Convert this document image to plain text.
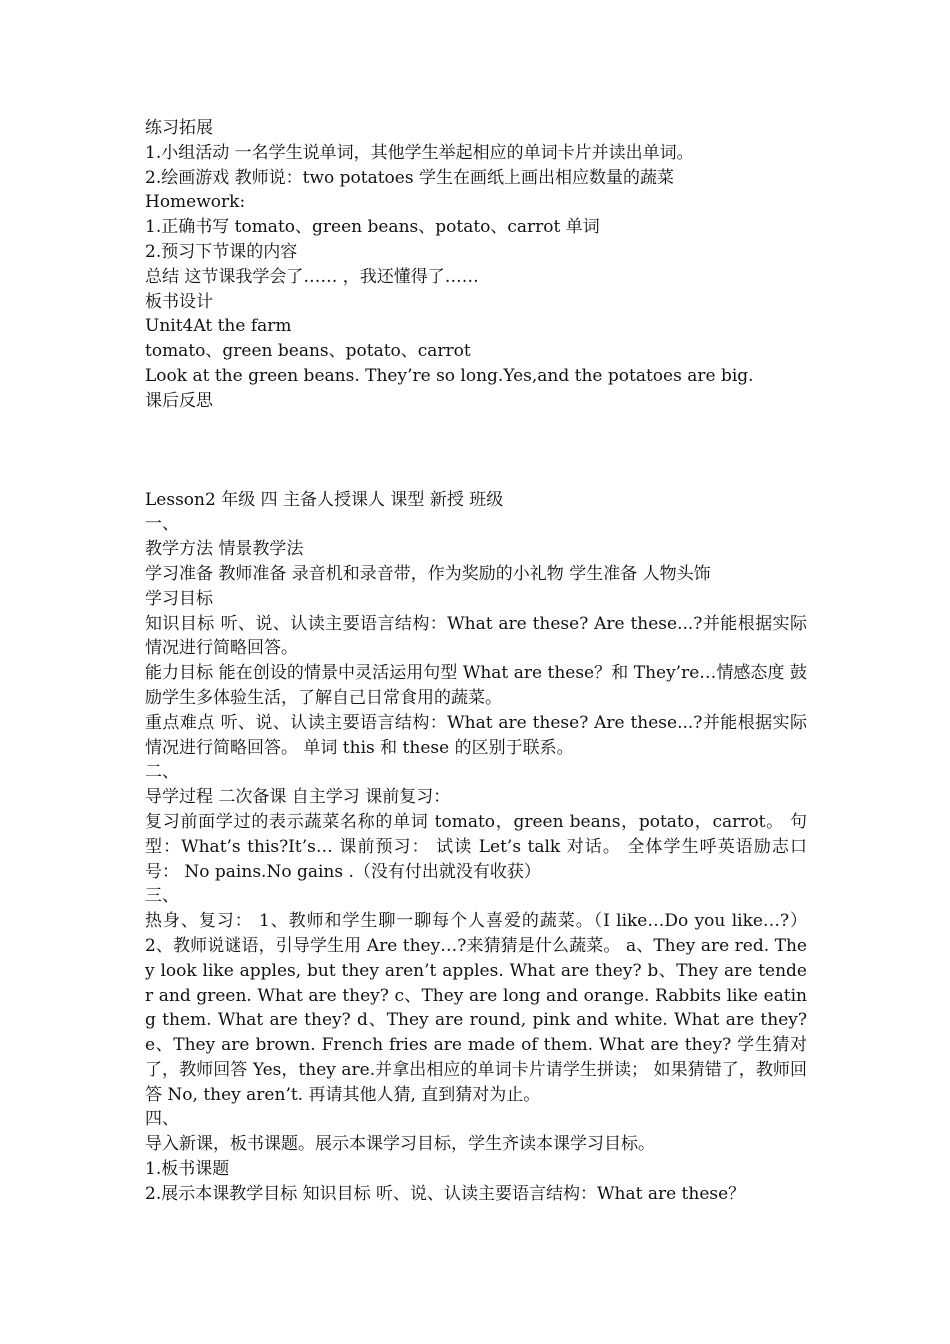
练习拓展
1.小组活动 一名学生说单词，其他学生举起相应的单词卡片并读出单词。
2.绘画游戏 教师说：two potatoes 学生在画纸上画出相应数量的蔬菜
Homework:
1.正确书写 tomato、green beans、potato、carrot 单词
2.预习下节课的内容
总结 这节课我学会了…… ，我还懂得了……
板书设计
Unit4At the farm
tomato、green beans、potato、carrot
Look at the green beans. They’re so long.Yes,and the potatoes are big.
课后反思
Lesson2 年级 四 主备人授课人 课型 新授 班级
一、
教学方法 情景教学法
学习准备 教师准备 录音机和录音带，作为奖励的小礼物 学生准备 人物头饰
学习目标
知识目标 听、说、认读主要语言结构：What are these? Are these...?并能根据实际情况进行简略回答。
能力目标 能在创设的情景中灵活运用句型 What are these？和 They’re…情感态度 鼓励学生多体验生活，了解自己日常食用的蔬菜。
重点难点 听、说、认读主要语言结构：What are these? Are these...?并能根据实际情况进行简略回答。 单词 this 和 these 的区别于联系。
二、
导学过程 二次备课 自主学习 课前复习：
复习前面学过的表示蔬菜名称的单词 tomato，green beans，potato，carrot。 句型：What’s this?It’s… 课前预习： 试读 Let’s talk 对话。 全体学生呼英语励志口号： No pains.No gains .（没有付出就没有收获）
三、
热身、复习： 1、教师和学生聊一聊每个人喜爱的蔬菜。（I like…Do you like…?） 2、教师说谜语，引导学生用 Are they…?来猜猜是什么蔬菜。 a、They are red. They look like apples, but they aren’t apples. What are they? b、They are tender and green. What are they? c、They are long and orange. Rabbits like eating them. What are they? d、They are round, pink and white. What are they? e、They are brown. French fries are made of them. What are they? 学生猜对了，教师回答 Yes，they are.并拿出相应的单词卡片请学生拼读； 如果猜错了，教师回答 No, they aren’t. 再请其他人猜, 直到猜对为止。
四、
导入新课，板书课题。展示本课学习目标，学生齐读本课学习目标。
1.板书课题
2.展示本课教学目标 知识目标 听、说、认读主要语言结构：What are these？
